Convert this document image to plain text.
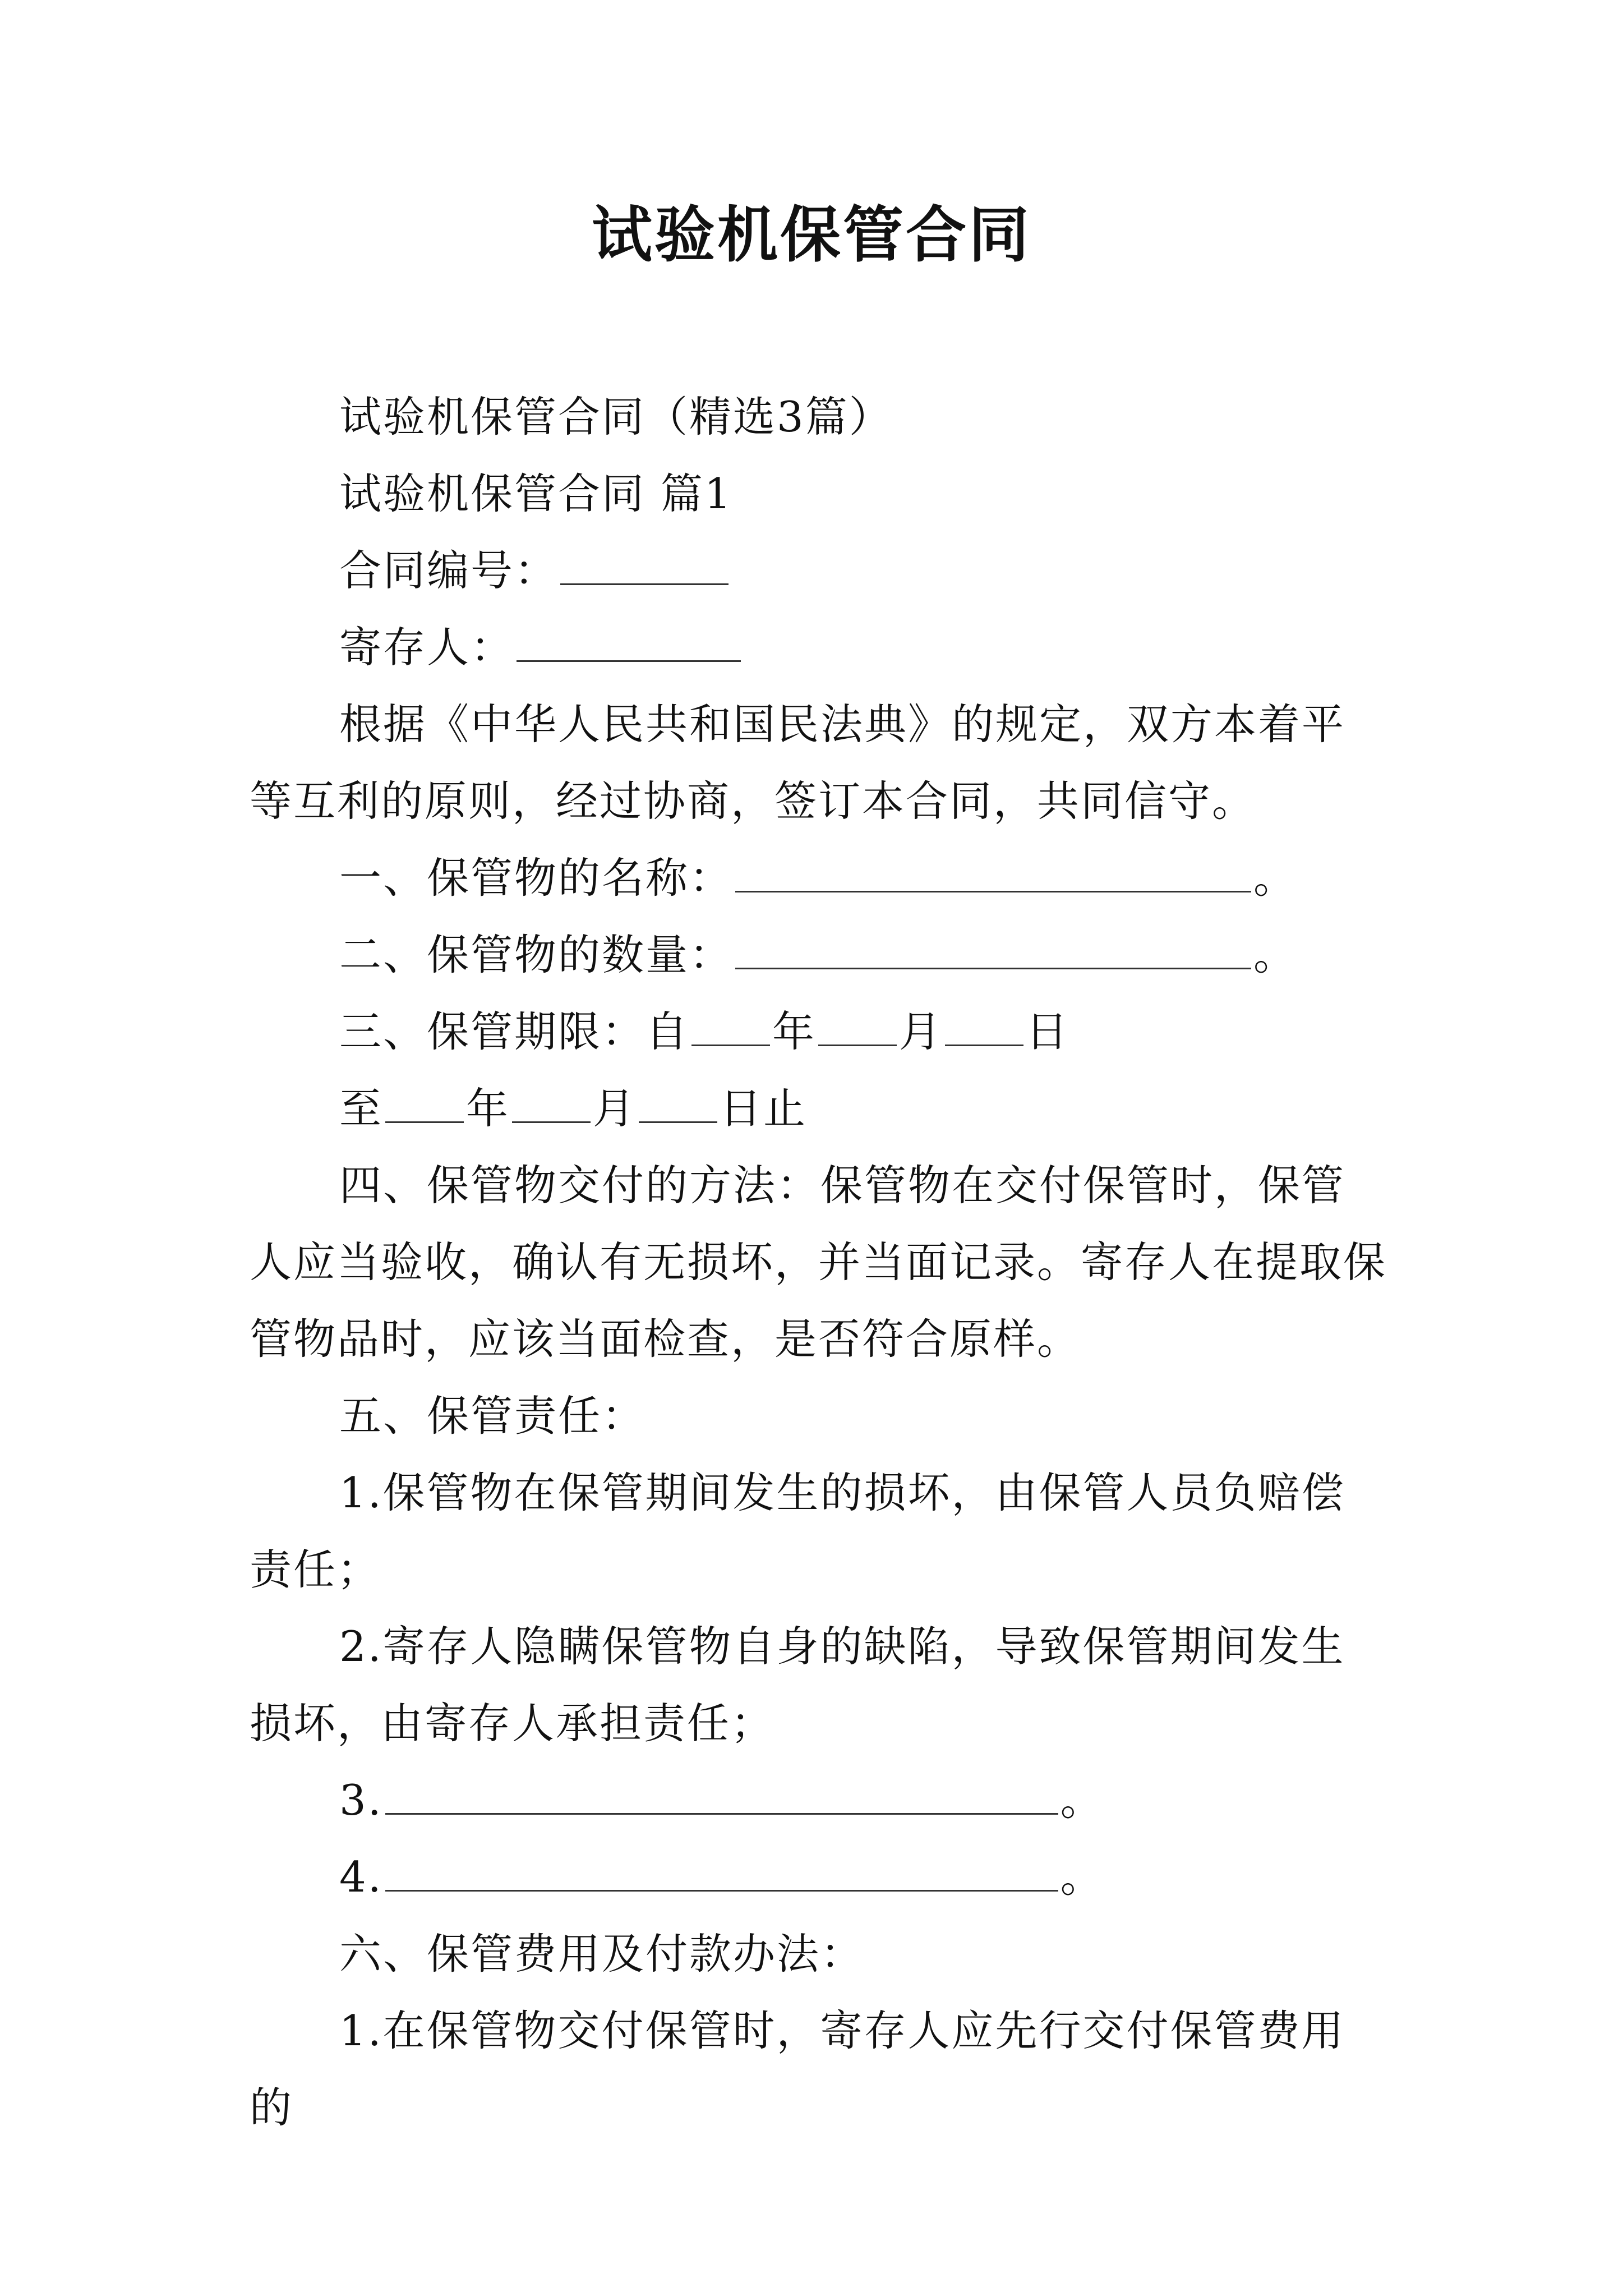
试验机保管合同

试验机保管合同（精选3篇）

试验机保管合同 篇1

合同编号：

寄存人：

根据《中华人民共和国民法典》的规定，双方本着平等互利的原则，经过协商，签订本合同，共同信守。

一、保管物的名称：	。

二、保管物的数量：	。

三、保管期限：自 年 月 日

至 年 月 日止

四、保管物交付的方法：保管物在交付保管时，保管人应当验收，确认有无损坏，并当面记录。寄存人在提取保管物品时，应该当面检查，是否符合原样。

五、保管责任：

1.保管物在保管期间发生的损坏，由保管人员负赔偿责任；

2.寄存人隐瞒保管物自身的缺陷，导致保管期间发生损坏，由寄存人承担责任；

3.	。

4.	。

六、保管费用及付款办法：

1.在保管物交付保管时，寄存人应先行交付保管费用的
